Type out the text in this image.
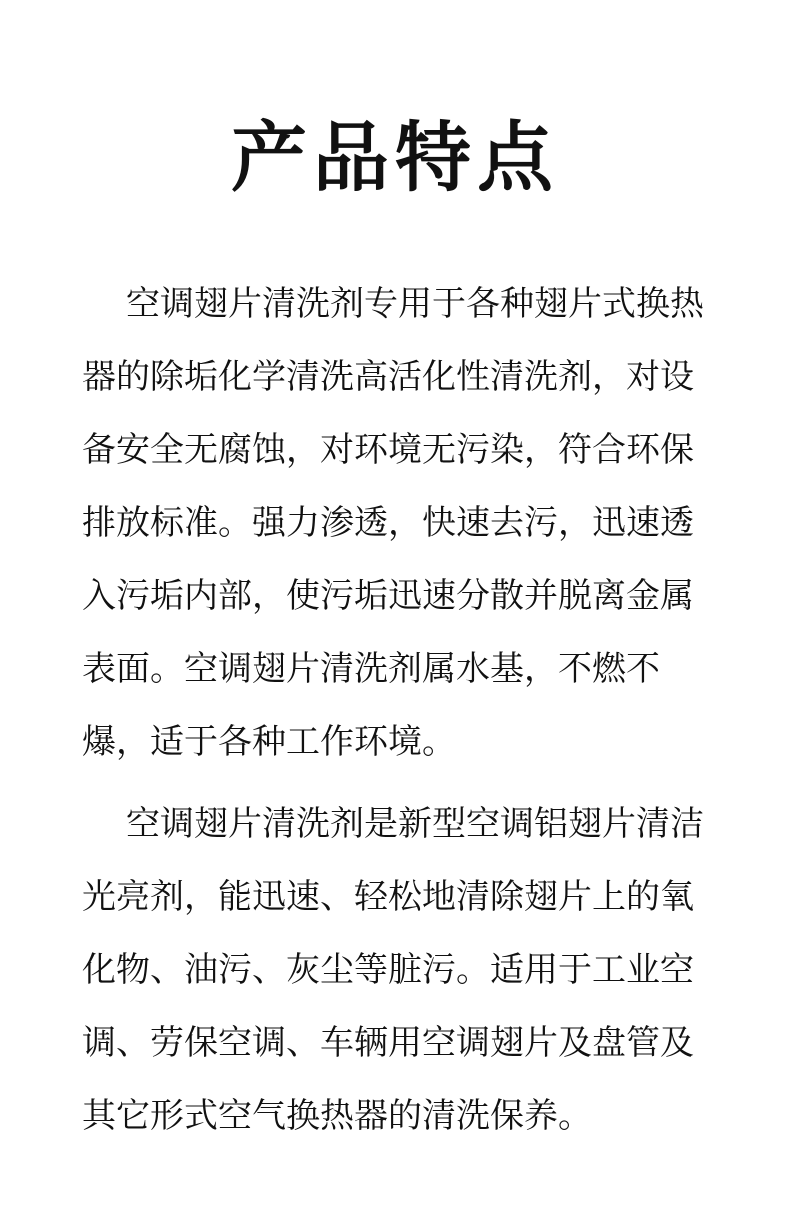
产品特点

空调翅片清洗剂专用于各种翅片式换热器的除垢化学清洗高活化性清洗剂，对设备安全无腐蚀，对环境无污染，符合环保排放标准。强力渗透，快速去污，迅速透入污垢内部，使污垢迅速分散并脱离金属表面。空调翅片清洗剂属水基，不燃不爆，适于各种工作环境。

空调翅片清洗剂是新型空调铝翅片清洁光亮剂，能迅速、轻松地清除翅片上的氧化物、油污、灰尘等脏污。适用于工业空调、劳保空调、车辆用空调翅片及盘管及其它形式空气换热器的清洗保养。
